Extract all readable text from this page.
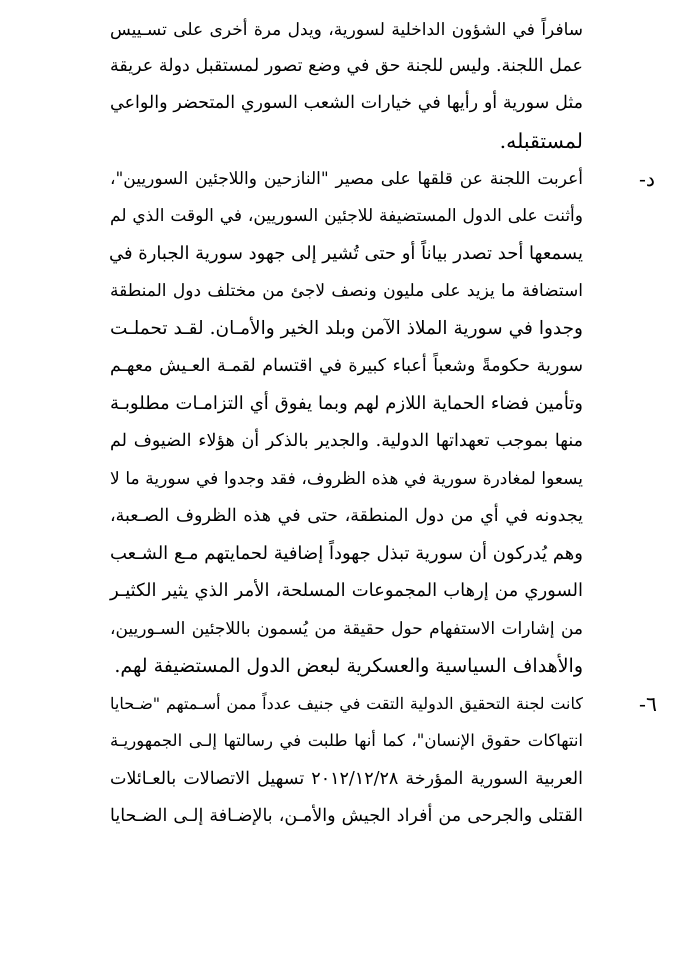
سافراً في الشؤون الداخلية لسورية، ويدل مرة أخرى على تسـييس
عمل اللجنة. وليس للجنة حق في وضع تصور لمستقبل دولة عريقة
مثل سورية أو رأيها في خيارات الشعب السوري المتحضر والواعي
لمستقبله.
د-
أعربت اللجنة عن قلقها على مصير "النازحين واللاجئين السوريين"،
وأثنت على الدول المستضيفة للاجئين السوريين، في الوقت الذي لم
يسمعها أحد تصدر بياناً أو حتى تُشير إلى جهود سورية الجبارة في
استضافة ما يزيد على مليون ونصف لاجئ من مختلف دول المنطقة
وجدوا في سورية الملاذ الآمن وبلد الخير والأمـان. لقـد تحملـت
سورية حكومةً وشعباً أعباء كبيرة في اقتسام لقمـة العـيش معهـم
وتأمين فضاء الحماية اللازم لهم وبما يفوق أي التزامـات مطلوبـة
منها بموجب تعهداتها الدولية. والجدير بالذكر أن هؤلاء الضيوف لم
يسعوا لمغادرة سورية في هذه الظروف، فقد وجدوا في سورية ما لا
يجدونه في أي من دول المنطقة، حتى في هذه الظروف الصـعبة،
وهم يُدركون أن سورية تبذل جهوداً إضافية لحمايتهم مـع الشـعب
السوري من إرهاب المجموعات المسلحة، الأمر الذي يثير الكثيـر
من إشارات الاستفهام حول حقيقة من يُسمون باللاجئين السـوريين،
والأهداف السياسية والعسكرية لبعض الدول المستضيفة لهم.
٦-
كانت لجنة التحقيق الدولية التقت في جنيف عدداً ممن أسـمتهم "ضـحايا
انتهاكات حقوق الإنسان"، كما أنها طلبت في رسالتها إلـى الجمهوريـة
العربية السورية المؤرخة ٢٠١٢/١٢/٢٨ تسهيل الاتصالات بالعـائلات
القتلى والجرحى من أفراد الجيش والأمـن، بالإضـافة إلـى الضـحايا
